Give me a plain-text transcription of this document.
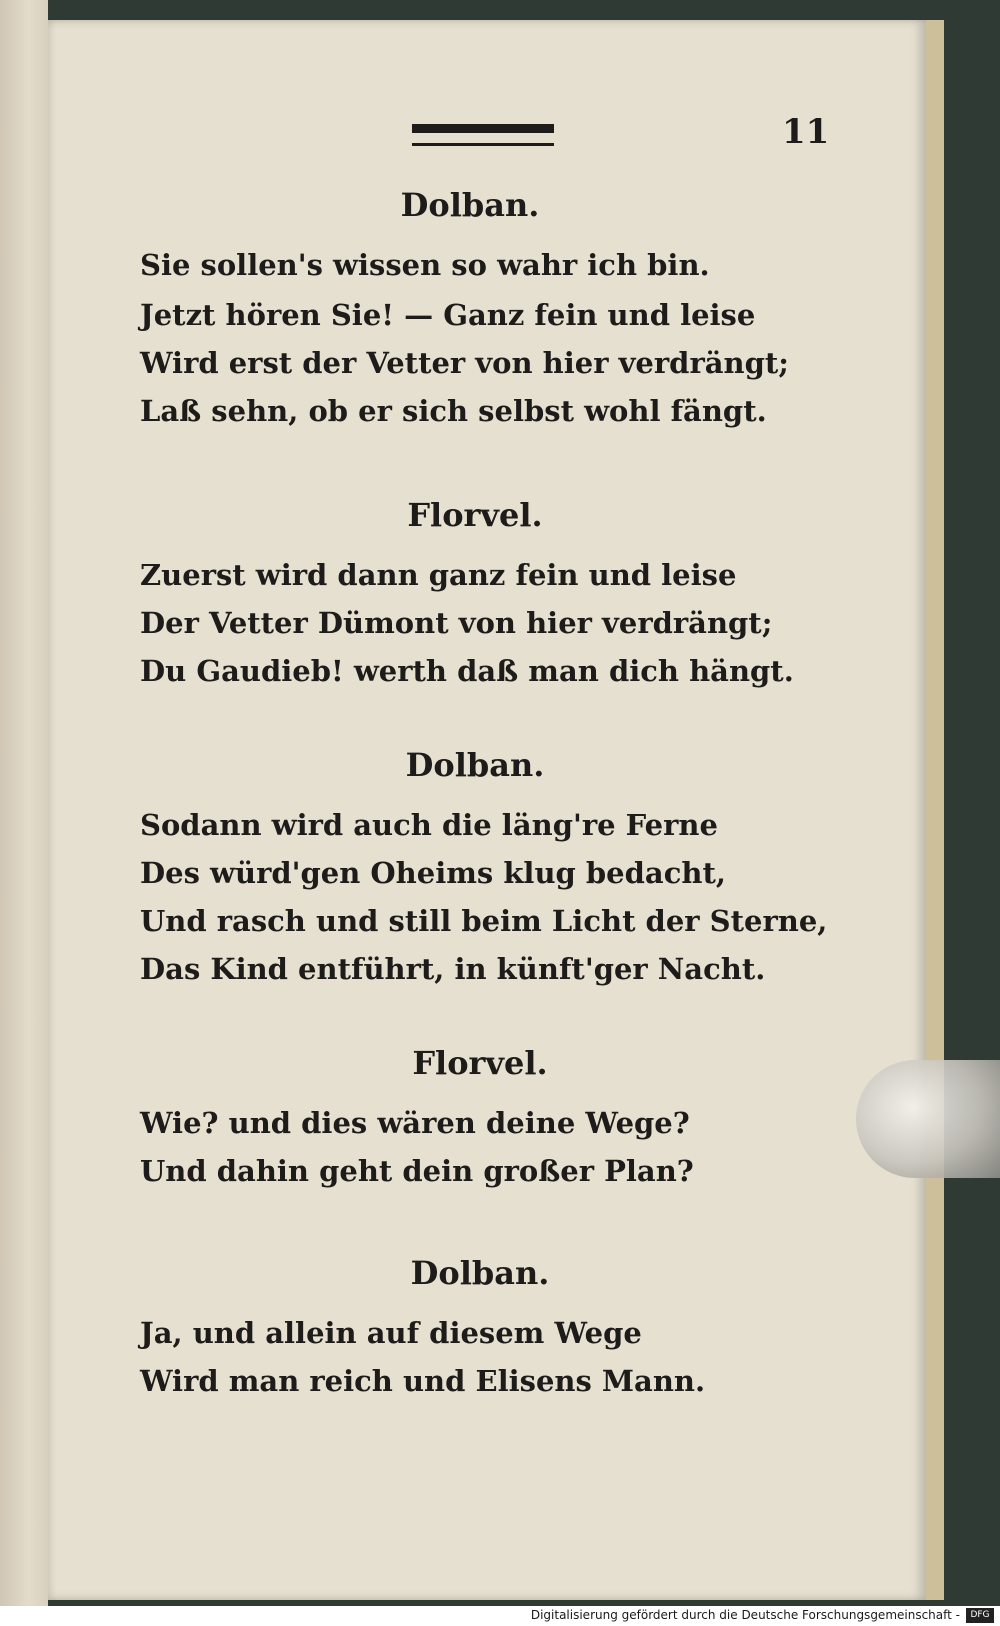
11
Dolban.
Sie sollen's wissen so wahr ich bin.
Jetzt hören Sie! — Ganz fein und leise
Wird erst der Vetter von hier verdrängt;
Laß sehn, ob er sich selbst wohl fängt.
Florvel.
Zuerst wird dann ganz fein und leise
Der Vetter Dümont von hier verdrängt;
Du Gaudieb! werth daß man dich hängt.
Dolban.
Sodann wird auch die läng're Ferne
Des würd'gen Oheims klug bedacht,
Und rasch und still beim Licht der Sterne,
Das Kind entführt, in künft'ger Nacht.
Florvel.
Wie? und dies wären deine Wege?
Und dahin geht dein großer Plan?
Dolban.
Ja, und allein auf diesem Wege
Wird man reich und Elisens Mann.
Digitalisierung gefördert durch die Deutsche Forschungsgemeinschaft -	DFG
